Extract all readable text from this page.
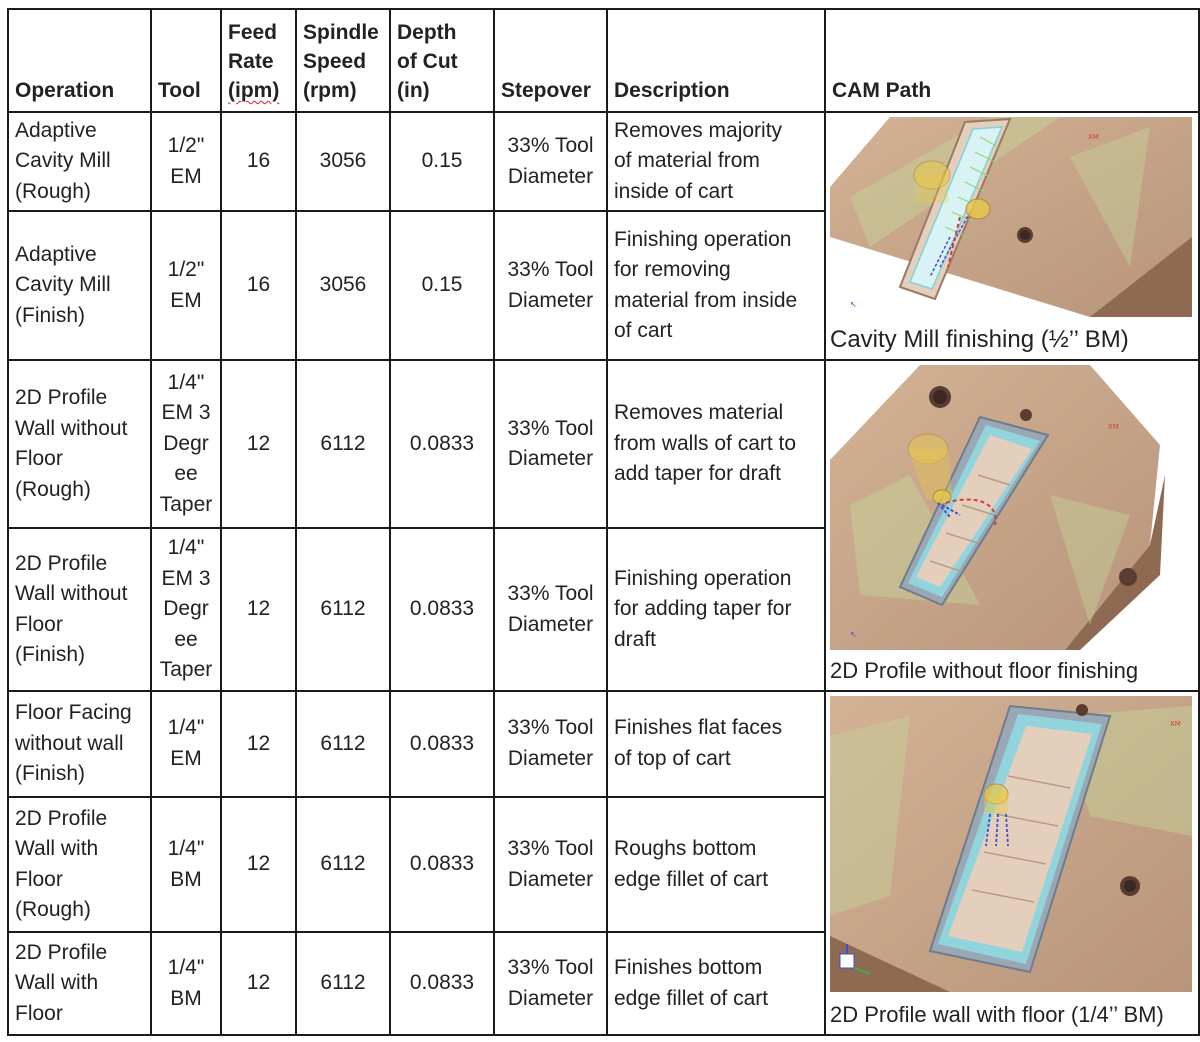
Operation	Tool	Feed
Rate
(ipm)	Spindle
Speed
(rpm)	Depth
of Cut
(in)	Stepover	Description	CAM Path
Adaptive
Cavity Mill
(Rough)	1/2"
EM	16	3056	0.15	33% Tool
Diameter	Removes majority
of material from
inside of cart	XM
↖
Cavity Mill finishing (½’’ BM)

Adaptive
Cavity Mill
(Finish)	1/2"
EM	16	3056	0.15	33% Tool
Diameter	Finishing operation
for removing
material from inside
of cart	
2D Profile
Wall without
Floor
(Rough)	1/4"
EM 3
Degr
ee
Taper	12	6112	0.0833	33% Tool
Diameter	Removes material
from walls of cart to
add taper for draft	XM
↖
2D Profile without floor finishing

2D Profile
Wall without
Floor
(Finish)	1/4"
EM 3
Degr
ee
Taper	12	6112	0.0833	33% Tool
Diameter	Finishing operation
for adding taper for
draft	
Floor Facing
without wall
(Finish)	1/4"
EM	12	6112	0.0833	33% Tool
Diameter	Finishes flat faces
of top of cart	XM
2D Profile wall with floor (1/4’’ BM)

2D Profile
Wall with
Floor
(Rough)	1/4"
BM	12	6112	0.0833	33% Tool
Diameter	Roughs bottom
edge fillet of cart	
2D Profile
Wall with
Floor	1/4"
BM	12	6112	0.0833	33% Tool
Diameter	Finishes bottom
edge fillet of cart	
